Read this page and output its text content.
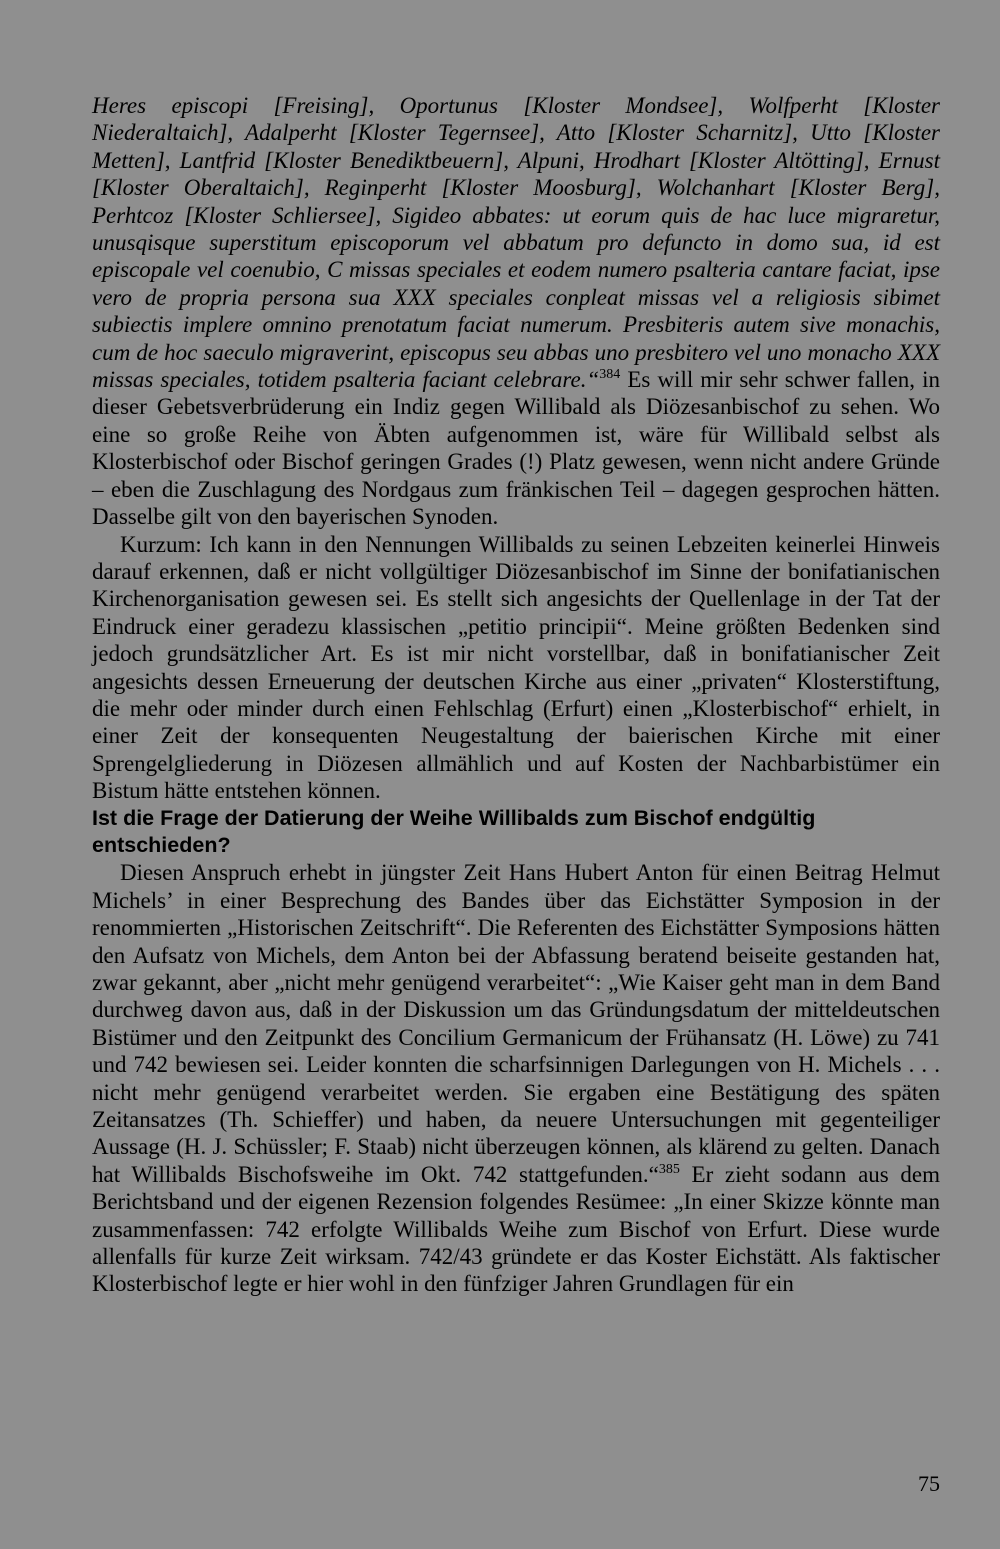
Heres episcopi [Freising], Oportunus [Kloster Mondsee], Wolfperht [Kloster Niederaltaich], Adalperht [Kloster Tegernsee], Atto [Kloster Scharnitz], Utto [Kloster Metten], Lantfrid [Kloster Benediktbeuern], Alpuni, Hrodhart [Kloster Altötting], Ernust [Kloster Oberaltaich], Reginperht [Kloster Moosburg], Wolchanhart [Kloster Berg], Perhtcoz [Kloster Schliersee], Sigideo abbates: ut eorum quis de hac luce migraretur, unusqisque superstitum episcoporum vel abbatum pro defuncto in domo sua, id est episcopale vel coenubio, C missas speciales et eodem numero psalteria cantare faciat, ipse vero de propria persona sua XXX speciales conpleat missas vel a religiosis sibimet subiectis implere omnino prenotatum faciat numerum. Presbiteris autem sive monachis, cum de hoc saeculo migraverint, episcopus seu abbas uno presbitero vel uno monacho XXX missas speciales, totidem psalteria faciant celebrare.“$^{384}$ Es will mir sehr schwer fallen, in dieser Gebetsverbrüderung ein Indiz gegen Willibald als Diözesanbischof zu sehen. Wo eine so große Reihe von Äbten aufgenommen ist, wäre für Willibald selbst als Klosterbischof oder Bischof geringen Grades (!) Platz gewesen, wenn nicht andere Gründe – eben die Zuschlagung des Nordgaus zum fränkischen Teil – dagegen gesprochen hätten. Dasselbe gilt von den bayerischen Synoden.

Kurzum: Ich kann in den Nennungen Willibalds zu seinen Lebzeiten keinerlei Hinweis darauf erkennen, daß er nicht vollgültiger Diözesanbischof im Sinne der bonifatianischen Kirchenorganisation gewesen sei. Es stellt sich angesichts der Quellenlage in der Tat der Eindruck einer geradezu klassischen „petitio principii“. Meine größten Bedenken sind jedoch grundsätzlicher Art. Es ist mir nicht vorstellbar, daß in bonifatianischer Zeit angesichts dessen Erneuerung der deutschen Kirche aus einer „privaten“ Klosterstiftung, die mehr oder minder durch einen Fehlschlag (Erfurt) einen „Klosterbischof“ erhielt, in einer Zeit der konsequenten Neugestaltung der baierischen Kirche mit einer Sprengelgliederung in Diözesen allmählich und auf Kosten der Nachbarbistümer ein Bistum hätte entstehen können.

Ist die Frage der Datierung der Weihe Willibalds zum Bischof endgültig
entschieden?

Diesen Anspruch erhebt in jüngster Zeit Hans Hubert Anton für einen Beitrag Helmut Michels’ in einer Besprechung des Bandes über das Eichstätter Symposion in der renommierten „Historischen Zeitschrift“. Die Referenten des Eichstätter Symposions hätten den Aufsatz von Michels, dem Anton bei der Abfassung beratend beiseite gestanden hat, zwar gekannt, aber „nicht mehr genügend verarbeitet“: „Wie Kaiser geht man in dem Band durchweg davon aus, daß in der Diskussion um das Gründungsdatum der mitteldeutschen Bistümer und den Zeitpunkt des Concilium Germanicum der Frühansatz (H. Löwe) zu 741 und 742 bewiesen sei. Leider konnten die scharfsinnigen Darlegungen von H. Michels . . . nicht mehr genügend verarbeitet werden. Sie ergaben eine Bestätigung des späten Zeitansatzes (Th. Schieffer) und haben, da neuere Untersuchungen mit gegenteiliger Aussage (H. J. Schüssler; F. Staab) nicht überzeugen können, als klärend zu gelten. Danach hat Willibalds Bischofsweihe im Okt. 742 stattgefunden.“$^{385}$ Er zieht sodann aus dem Berichtsband und der eigenen Rezension folgendes Resümee: „In einer Skizze könnte man zusammenfassen: 742 erfolgte Willibalds Weihe zum Bischof von Erfurt. Diese wurde allenfalls für kurze Zeit wirksam. 742/43 gründete er das Koster Eichstätt. Als faktischer Klosterbischof legte er hier wohl in den fünfziger Jahren Grundlagen für ein

75
